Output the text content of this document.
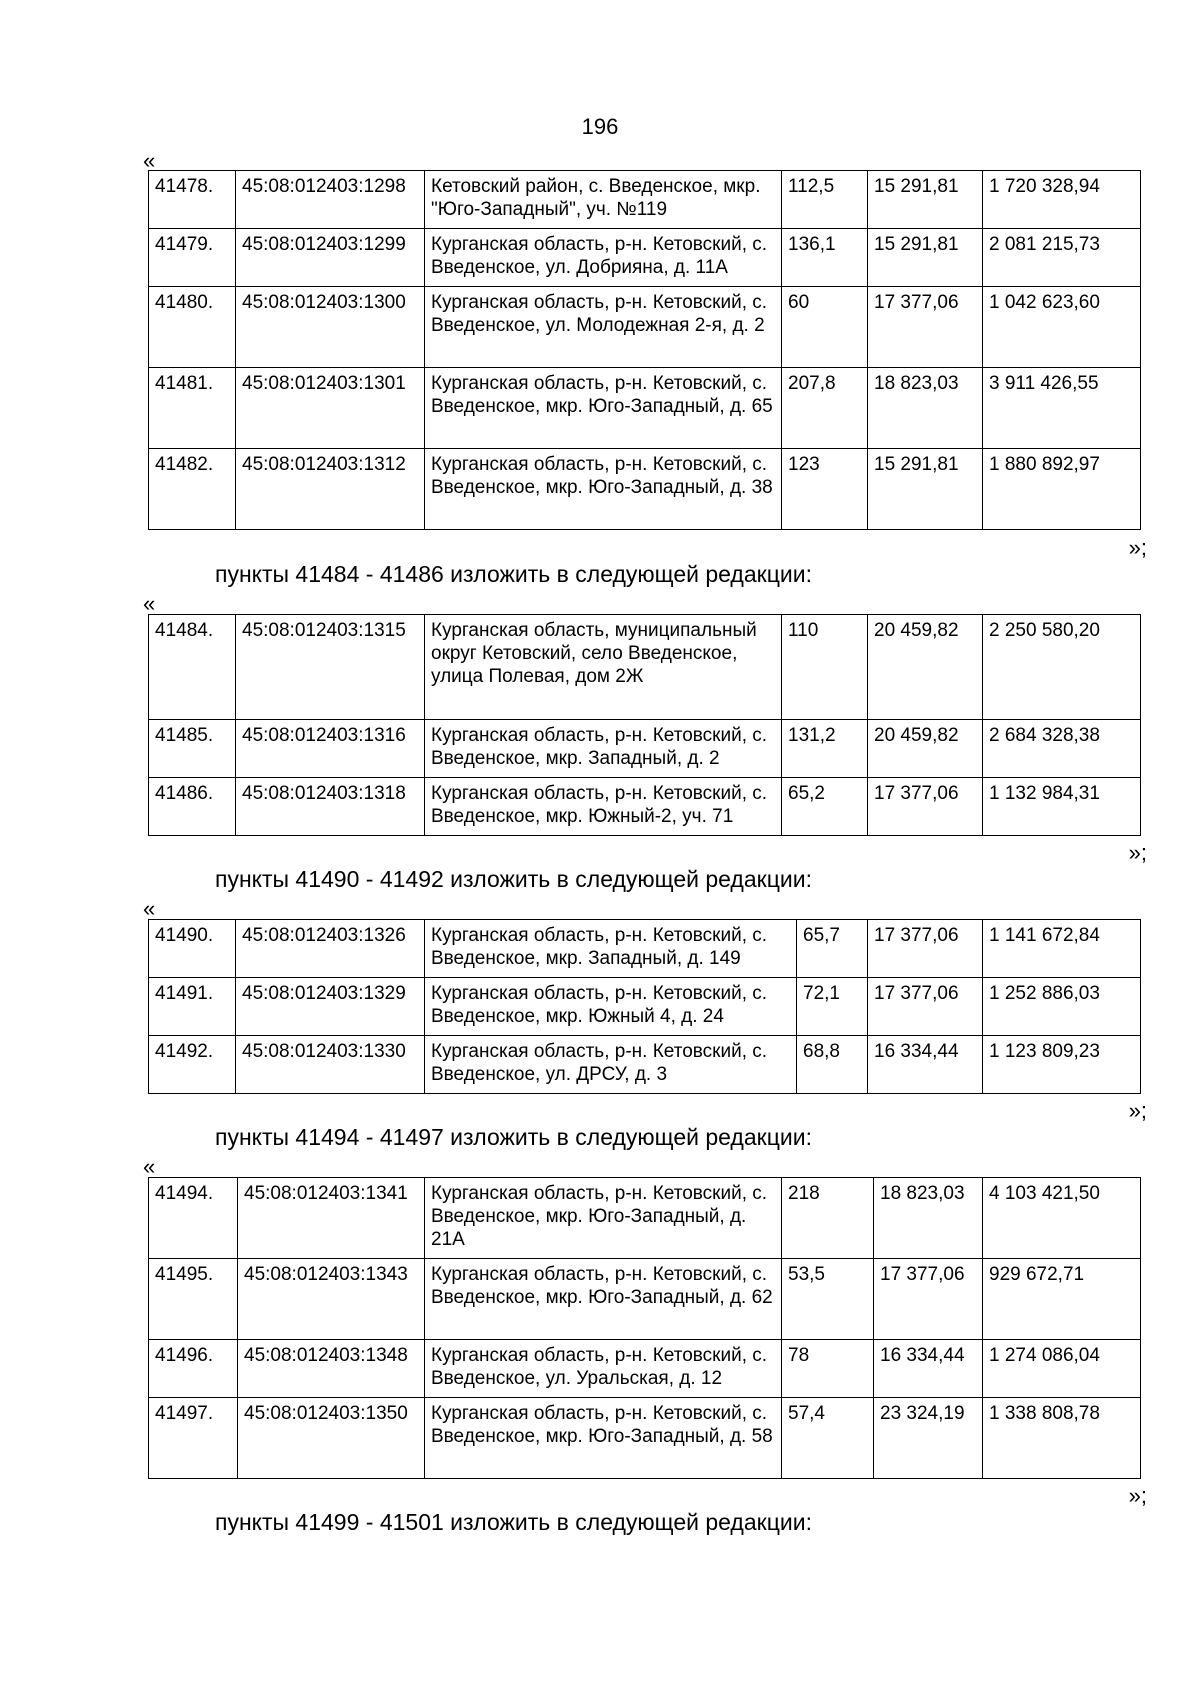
196
«
41478.	45:08:012403:1298	Кетовский район, с. Введенское, мкр. "Юго-Западный", уч. №119	112,5	15 291,81	1 720 328,94
41479.	45:08:012403:1299	Курганская область, р-н. Кетовский, с. Введенское, ул. Добрияна, д. 11А	136,1	15 291,81	2 081 215,73
41480.	45:08:012403:1300	Курганская область, р-н. Кетовский, с. Введенское, ул. Молодежная 2-я, д. 2	60	17 377,06	1 042 623,60
41481.	45:08:012403:1301	Курганская область, р-н. Кетовский, с. Введенское, мкр. Юго-Западный, д. 65	207,8	18 823,03	3 911 426,55
41482.	45:08:012403:1312	Курганская область, р-н. Кетовский, с. Введенское, мкр. Юго-Западный, д. 38	123	15 291,81	1 880 892,97
»;
пункты 41484 - 41486 изложить в следующей редакции:
«
41484.	45:08:012403:1315	Курганская область, муниципальный округ Кетовский, село Введенское, улица Полевая, дом 2Ж	110	20 459,82	2 250 580,20
41485.	45:08:012403:1316	Курганская область, р-н. Кетовский, с. Введенское, мкр. Западный, д. 2	131,2	20 459,82	2 684 328,38
41486.	45:08:012403:1318	Курганская область, р-н. Кетовский, с. Введенское, мкр. Южный-2, уч. 71	65,2	17 377,06	1 132 984,31
»;
пункты 41490 - 41492 изложить в следующей редакции:
«
41490.	45:08:012403:1326	Курганская область, р-н. Кетовский, с. Введенское, мкр. Западный, д. 149	65,7	17 377,06	1 141 672,84
41491.	45:08:012403:1329	Курганская область, р-н. Кетовский, с. Введенское, мкр. Южный 4, д. 24	72,1	17 377,06	1 252 886,03
41492.	45:08:012403:1330	Курганская область, р-н. Кетовский, с. Введенское, ул. ДРСУ, д. 3	68,8	16 334,44	1 123 809,23
»;
пункты 41494 - 41497 изложить в следующей редакции:
«
41494.	45:08:012403:1341	Курганская область, р-н. Кетовский, с. Введенское, мкр. Юго-Западный, д. 21А	218	18 823,03	4 103 421,50
41495.	45:08:012403:1343	Курганская область, р-н. Кетовский, с. Введенское, мкр. Юго-Западный, д. 62	53,5	17 377,06	929 672,71
41496.	45:08:012403:1348	Курганская область, р-н. Кетовский, с. Введенское, ул. Уральская, д. 12	78	16 334,44	1 274 086,04
41497.	45:08:012403:1350	Курганская область, р-н. Кетовский, с. Введенское, мкр. Юго-Западный, д. 58	57,4	23 324,19	1 338 808,78
»;
пункты 41499 - 41501 изложить в следующей редакции:
